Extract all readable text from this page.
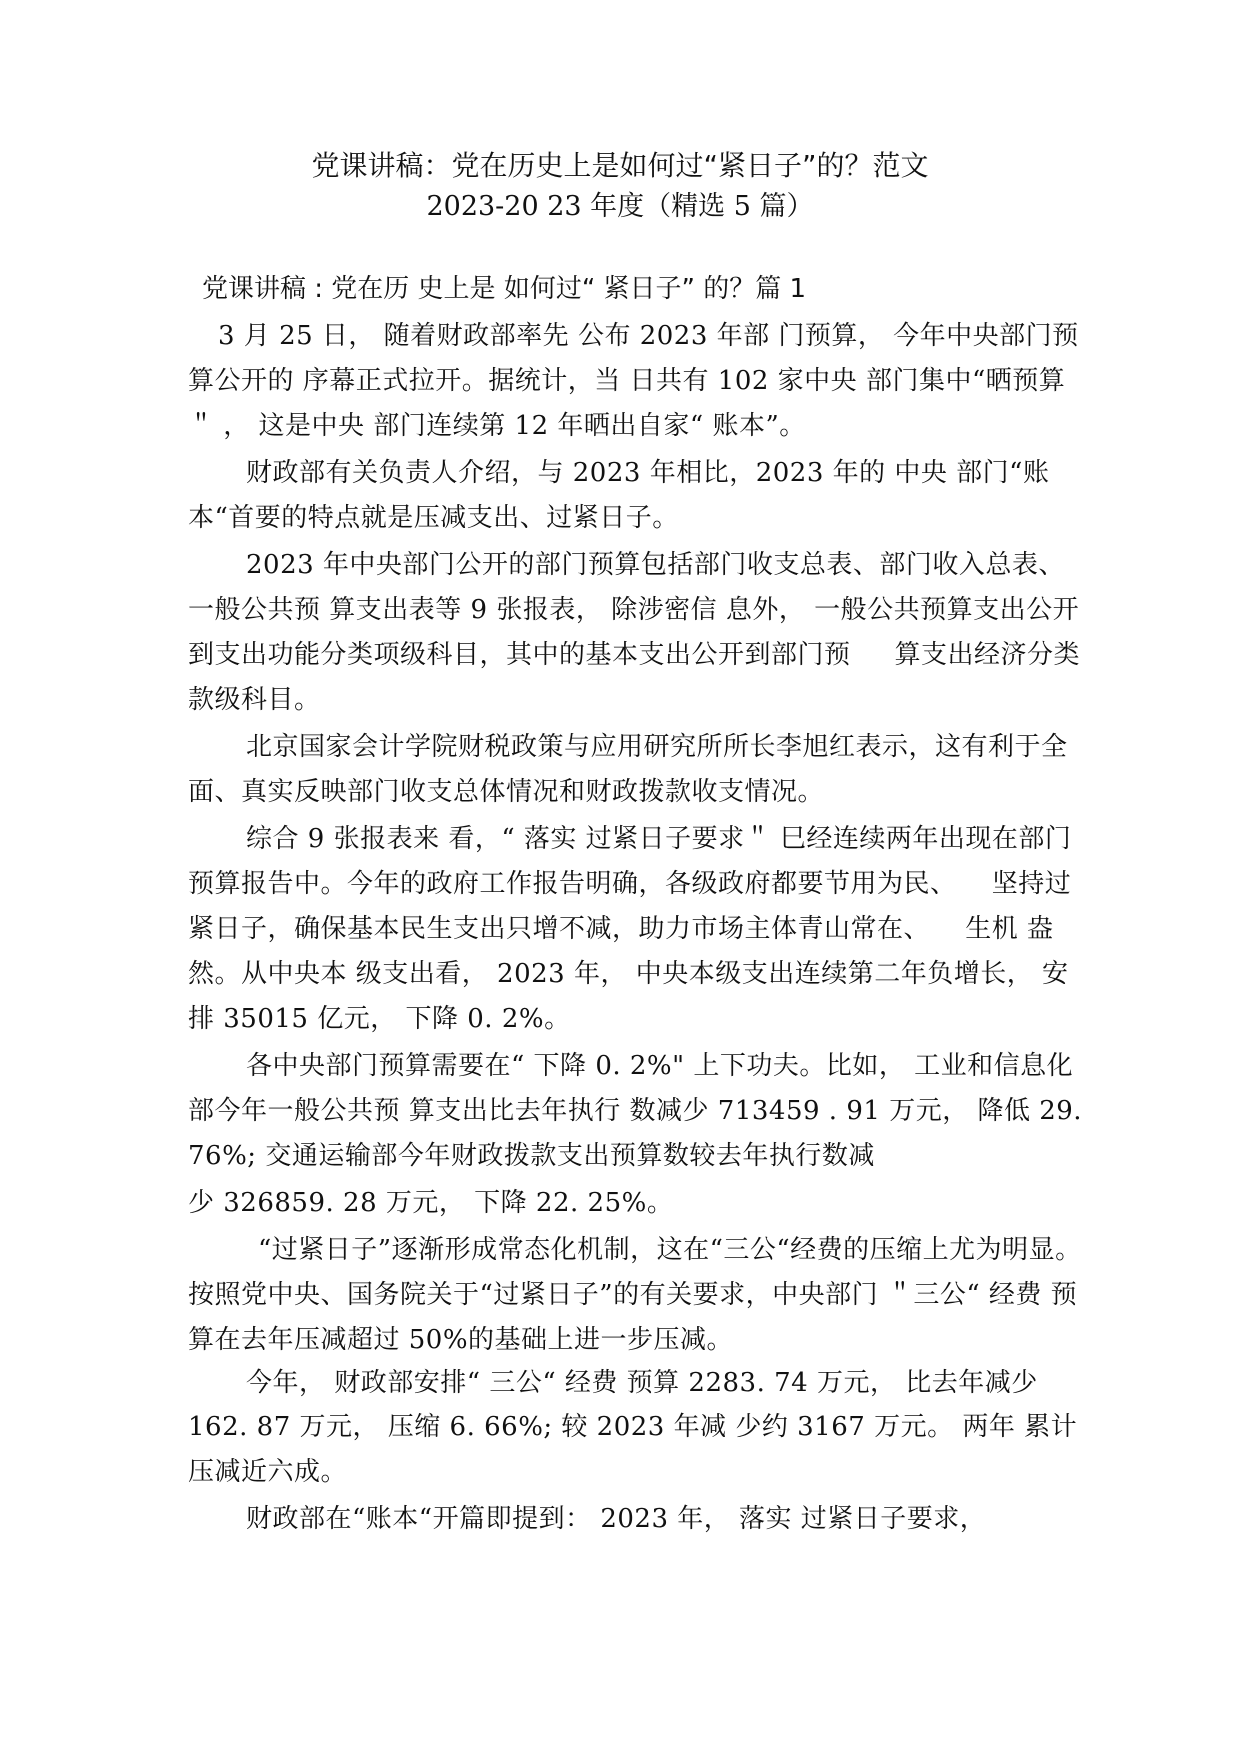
党课讲稿：党在历史上是如何过“紧日子”的？范文
2023-20 23 年度（精选 5 篇）
党课讲稿 : 党在历 史上是 如何过“ 紧日子” 的？篇 1

3 月 25 日， 随着财政部率先 公布 2023 年部 门预算， 今年中央部门预算公开的 序幕正式拉开。据统计，当 日共有 102 家中央 部门集中“晒预算＂ ， 这是中央 部门连续第 12 年晒出自家“ 账本”。

财政部有关负责人介绍，与 2023 年相比，2023 年的 中央 部门“账本“首要的特点就是压减支出、过紧日子。

2023 年中央部门公开的部门预算包括部门收支总表、部门收入总表、一般公共预 算支出表等 9 张报表， 除涉密信 息外， 一般公共预算支出公开到支出功能分类项级科目，其中的基本支出公开到部门预 　 算支出经济分类款级科目。

北京国家会计学院财税政策与应用研究所所长李旭红表示，这有利于全面、真实反映部门收支总体情况和财政拨款收支情况。

综合 9 张报表来 看，“ 落实 过紧日子要求＂ 巳经连续两年出现在部门预算报告中。今年的政府工作报告明确，各级政府都要节用为民、 　坚持过紧日子，确保基本民生支出只增不减，助力市场主体青山常在、 　生机 盎然。从中央本 级支出看， 2023 年， 中央本级支出连续第二年负增长， 安排 35015 亿元， 下降 0. 2%。

各中央部门预算需要在“ 下降 0. 2%" 上下功夫。比如， 工业和信息化部今年一般公共预 算支出比去年执行 数减少 713459 . 91 万元， 降低 29. 76%; 交通运输部今年财政拨款支出预算数较去年执行数减

少 326859. 28 万元， 下降 22. 25%。

“过紧日子”逐渐形成常态化机制，这在“三公“经费的压缩上尤为明显。按照党中央、国务院关于“过紧日子”的有关要求，中央部门 ＂三公“ 经费 预算在去年压减超过 50%的基础上进一步压减。

今年， 财政部安排“ 三公“ 经费 预算 2283. 74 万元， 比去年减少

162. 87 万元， 压缩 6. 66%; 较 2023 年减 少约 3167 万元。 两年 累计压减近六成。

财政部在“账本“开篇即提到： 2023 年， 落实 过紧日子要求，
